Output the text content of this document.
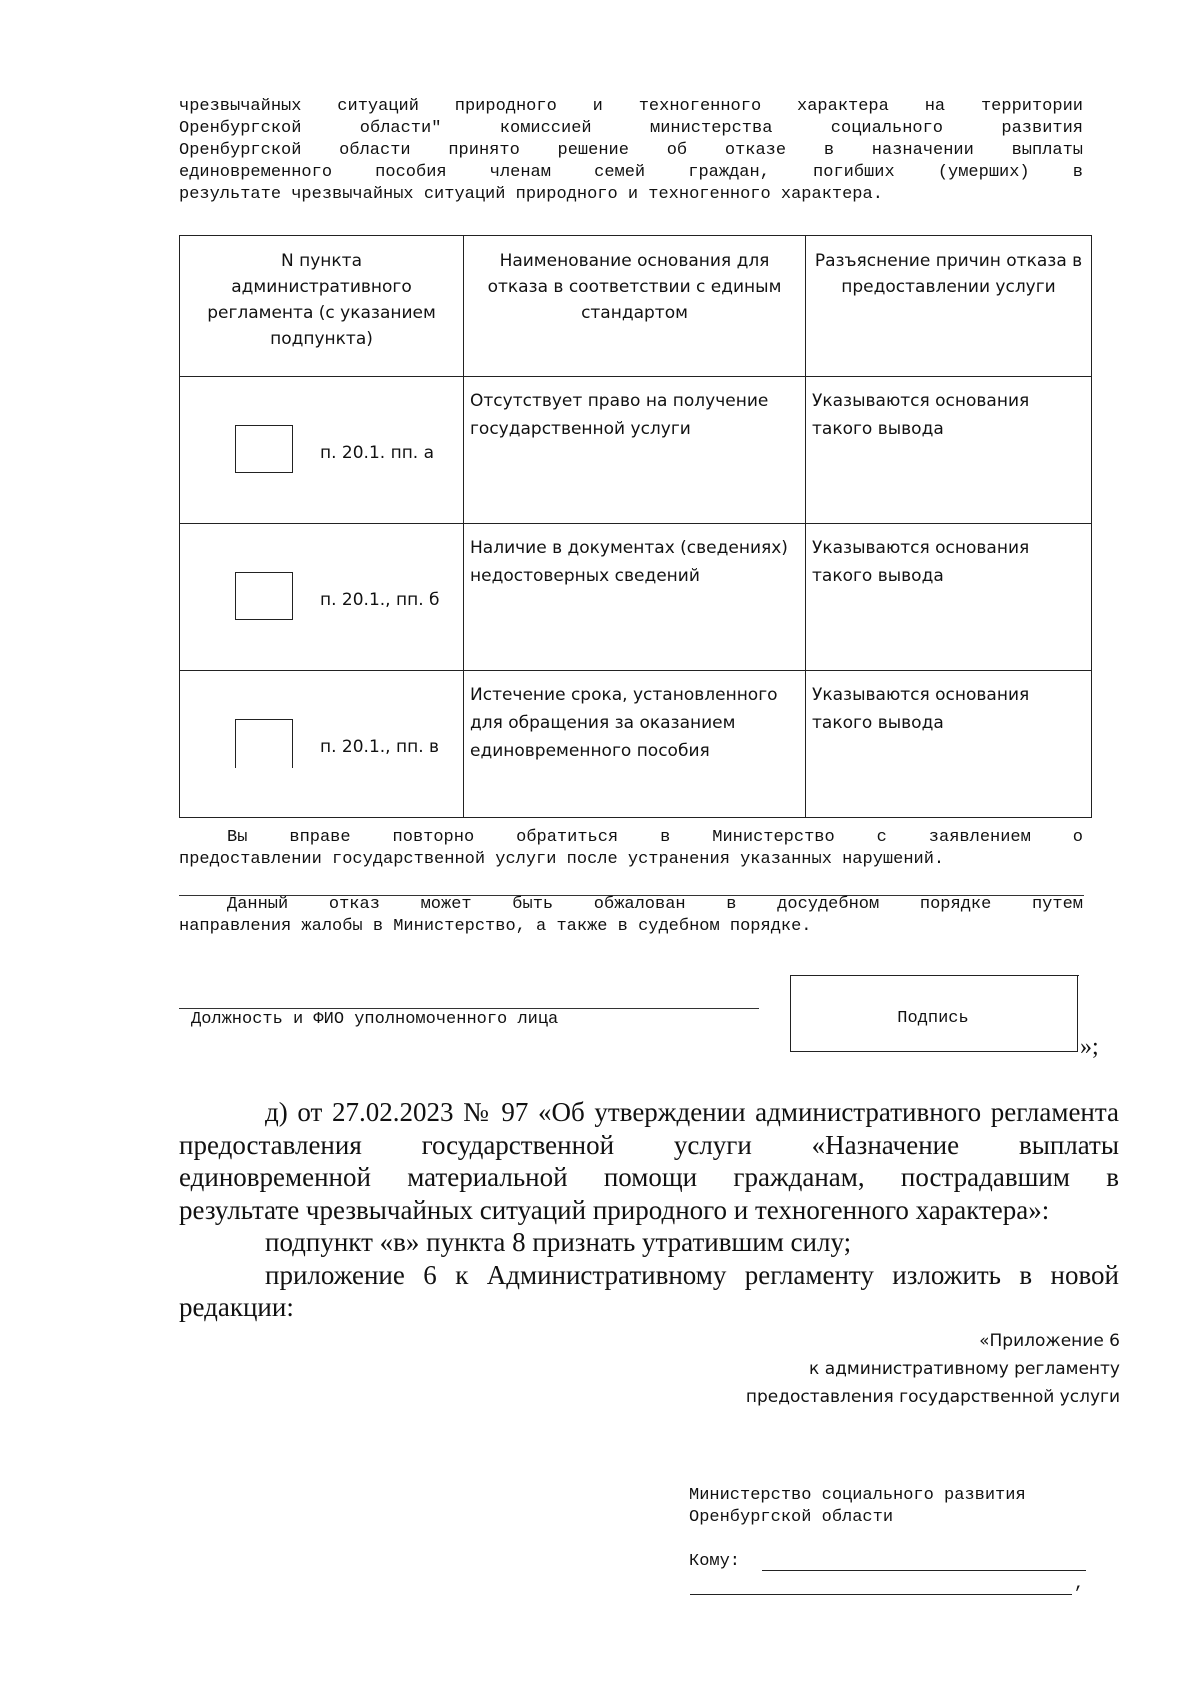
чрезвычайных ситуаций природного и техногенного характера на территории
Оренбургской области" комиссией министерства социального развития
Оренбургской области принято решение об отказе в назначении выплаты
единовременного пособия членам семей граждан, погибших (умерших) в
результате чрезвычайных ситуаций природного и техногенного характера.
N пункта административного регламента (с указанием подпункта)	Наименование основания для отказа в соответствии с единым стандартом	Разъяснение причин отказа в предоставлении услуги

п. 20.1. пп. а	Отсутствует право на получение государственной услуги	Указываются основания такого вывода

п. 20.1., пп. б	Наличие в документах (сведениях) недостоверных сведений	Указываются основания такого вывода

п. 20.1., пп. в	Истечение срока, установленного для обращения за оказанием единовременного пособия	Указываются основания такого вывода
Вы вправе повторно обратиться в Министерство с заявлением о
предоставлении государственной услуги после устранения указанных нарушений.
Данный отказ может быть обжалован в досудебном порядке путем
направления жалобы в Министерство, а также в судебном порядке.
Должность и ФИО уполномоченного лица	Подпись
»;
д) от 27.02.2023 № 97 «Об утверждении административного регламента
предоставления государственной услуги «Назначение выплаты
единовременной материальной помощи гражданам, пострадавшим в
результате чрезвычайных ситуаций природного и техногенного характера»:
подпункт «в» пункта 8 признать утратившим силу;
приложение 6 к Административному регламенту изложить в новой
редакции:
«Приложение 6
к административному регламенту
предоставления государственной услуги
Министерство социального развития
Оренбургской области
Кому:
,
